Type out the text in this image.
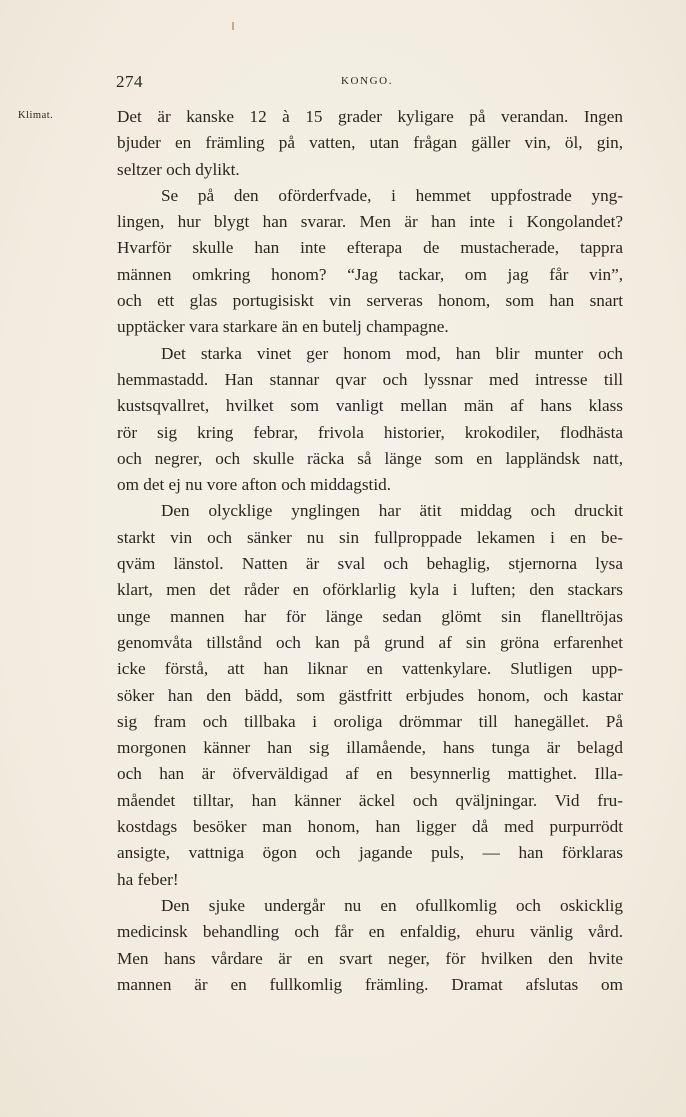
274	KONGO.
Klimat.	Det är kanske 12 à 15 grader kyligare på verandan. Ingen
bjuder en främling på vatten, utan frågan gäller vin, öl, gin,
seltzer och dylikt.
Se på den oförderfvade, i hemmet uppfostrade yng-
lingen, hur blygt han svarar. Men är han inte i Kongolandet?
Hvarför skulle han inte efterapa de mustacherade, tappra
männen omkring honom? “Jag tackar, om jag får vin”,
och ett glas portugisiskt vin serveras honom, som han snart
upptäcker vara starkare än en butelj champagne.
Det starka vinet ger honom mod, han blir munter och
hemmastadd. Han stannar qvar och lyssnar med intresse till
kustsqvallret, hvilket som vanligt mellan män af hans klass
rör sig kring febrar, frivola historier, krokodiler, flodhästa
och negrer, och skulle räcka så länge som en lappländsk natt,
om det ej nu vore afton och middagstid.
Den olycklige ynglingen har ätit middag och druckit
starkt vin och sänker nu sin fullproppade lekamen i en be-
qväm länstol. Natten är sval och behaglig, stjernorna lysa
klart, men det råder en oförklarlig kyla i luften; den stackars
unge mannen har för länge sedan glömt sin flanelltröjas
genomvåta tillstånd och kan på grund af sin gröna erfarenhet
icke förstå, att han liknar en vattenkylare. Slutligen upp-
söker han den bädd, som gästfritt erbjudes honom, och kastar
sig fram och tillbaka i oroliga drömmar till hanegället. På
morgonen känner han sig illamående, hans tunga är belagd
och han är öfverväldigad af en besynnerlig mattighet. Illa-
måendet tilltar, han känner äckel och qväljningar. Vid fru-
kostdags besöker man honom, han ligger då med purpurrödt
ansigte, vattniga ögon och jagande puls, — han förklaras
ha feber!
Den sjuke undergår nu en ofullkomlig och oskicklig
medicinsk behandling och får en enfaldig, ehuru vänlig vård.
Men hans vårdare är en svart neger, för hvilken den hvite
mannen är en fullkomlig främling. Dramat afslutas om
